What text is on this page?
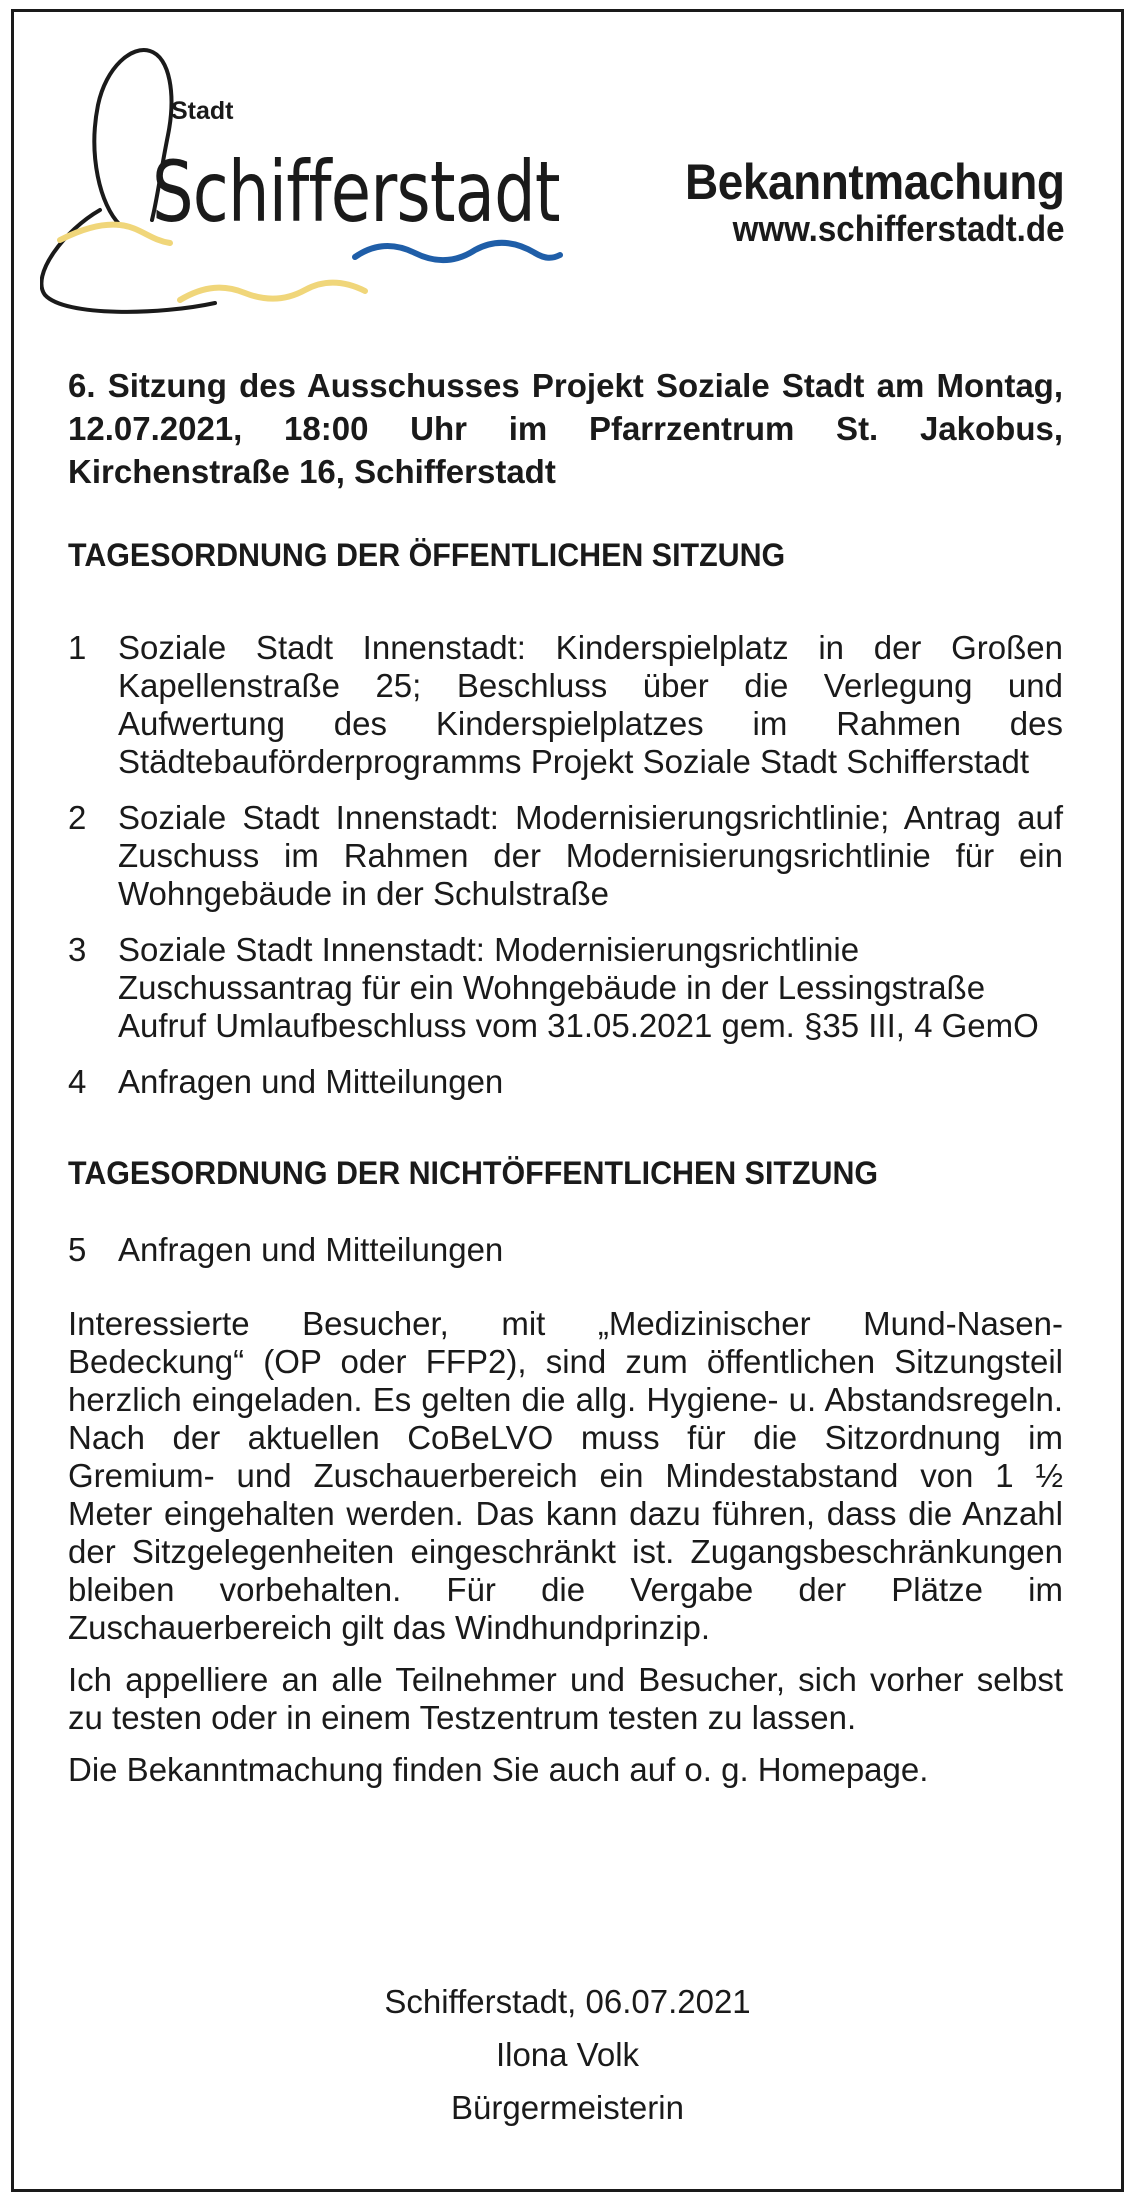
Stadt
Schifferstadt	Bekanntmachung
www.schifferstadt.de

6. Sitzung des Ausschusses Projekt Soziale Stadt am Montag, 12.07.2021, 18:00 Uhr im Pfarrzentrum St. Jakobus, Kirchenstraße 16, Schifferstadt

TAGESORDNUNG DER ÖFFENTLICHEN SITZUNG
1 Soziale Stadt Innenstadt: Kinderspielplatz in der Großen Kapellenstraße 25; Beschluss über die Verlegung und Aufwertung des Kinderspielplatzes im Rahmen des Städtebauförderprogramms Projekt Soziale Stadt Schifferstadt
2 Soziale Stadt Innenstadt: Modernisierungsrichtlinie; Antrag auf Zuschuss im Rahmen der Modernisierungsrichtlinie für ein Wohngebäude in der Schulstraße
3 Soziale Stadt Innenstadt: Modernisierungsrichtlinie
Zuschussantrag für ein Wohngebäude in der Lessingstraße
Aufruf Umlaufbeschluss vom 31.05.2021 gem. §35 III, 4 GemO
4 Anfragen und Mitteilungen
TAGESORDNUNG DER NICHTÖFFENTLICHEN SITZUNG
5 Anfragen und Mitteilungen

Interessierte Besucher, mit „Medizinischer Mund-Nasen-Bedeckung“ (OP oder FFP2), sind zum öffentlichen Sitzungsteil herzlich eingeladen. Es gelten die allg. Hygiene- u. Abstandsregeln. Nach der aktuellen CoBeLVO muss für die Sitzordnung im Gremium- und Zuschauerbereich ein Mindestabstand von 1 ½ Meter eingehalten werden. Das kann dazu führen, dass die Anzahl der Sitzgelegenheiten eingeschränkt ist. Zugangsbeschränkungen bleiben vorbehalten. Für die Vergabe der Plätze im Zuschauerbereich gilt das Windhundprinzip.

Ich appelliere an alle Teilnehmer und Besucher, sich vorher selbst zu testen oder in einem Testzentrum testen zu lassen.

Die Bekanntmachung finden Sie auch auf o. g. Homepage.

Schifferstadt, 06.07.2021
Ilona Volk
Bürgermeisterin
